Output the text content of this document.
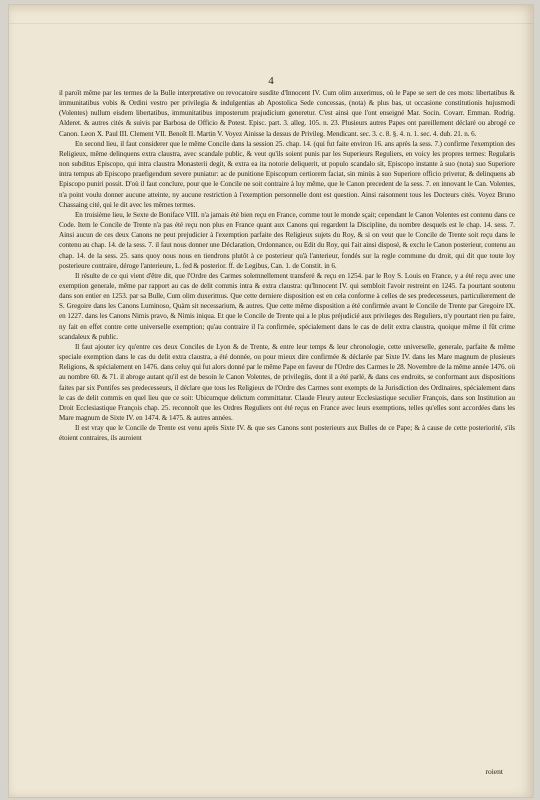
4

il paroît même par les termes de la Bulle interpretative ou revocatoire susdite d'Innocent IV. Cum olim auxerimus, où le Pape se sert de ces mots: libertatibus & immunitatibus vobis & Ordini vestro per privilegia & indulgentias ab Apostolica Sede concessas, (nota) & plus bas, ut occasione constitutionis hujusmodi (Volentes) nullum eisdem libertatibus, immunitatibus imposterum prajudicium generetur. C'est ainsi que l'ont enseigné Mar. Socin. Covarr. Emman. Rodrig. Alderet. & autres cités & suivis par Barbosa de Officio & Potest. Episc. part. 3. alleg. 105. n. 23. Plusieurs autres Papes ont pareillement déclaré ou abrogé ce Canon. Leon X. Paul III. Clement VII. Benoît II. Martin V. Voyez Ainisse la dessus de Privileg. Mendicant. sec. 3. c. 8. §. 4. n. 1. sec. 4. dub. 21. n. 6.

En second lieu, il faut considerer que le même Concile dans la session 25. chap. 14. (qui fut faite environ 16. ans après la sess. 7.) confirme l'exemption des Religieux, même delinquens extra claustra, avec scandale public, & veut qu'ils soient punis par les Superieurs Reguliers, en voicy les propres termes: Regularis non subditus Episcopo, qui intra claustra Monasterii degit, & extra ea ita notorie deliquerit, ut populo scandalo sit, Episcopo instante à suo (nota) suo Superiore intra tempus ab Episcopo praefigendum severe puniatur: ac de punitione Episcopum certiorem faciat, sin minùs à suo Superiore officio privetur, & delinquens ab Episcopo puniri possit. D'où il faut conclure, pour que le Concile ne soit contraire à luy même, que le Canon precedent de la sess. 7. en innovant le Can. Volentes, n'a point voulu donner aucune atteinte, ny aucune restriction à l'exemption personnelle dont est question. Ainsi raisonnent tous les Docteurs cités. Voyez Bruno Chassaing cité, qui le dit avec les mêmes termes.

En troisième lieu, le Sexte de Boniface VIII. n'a jamais été bien reçu en France, comme tout le monde sçait; cependant le Canon Volentes est contenu dans ce Code. Item le Concile de Trente n'a pas été reçu non plus en France quant aux Canons qui regardent la Discipline, du nombre desquels est le chap. 14. sess. 7. Ainsi aucun de ces deux Canons ne peut prejudicier à l'exemption parfaite des Religieux sujets du Roy, & si on veut que le Concile de Trente soit reçu dans le contenu au chap. 14. de la sess. 7. il faut nous donner une Déclaration, Ordonnance, ou Edit du Roy, qui l'ait ainsi disposé, & exclu le Canon posterieur, contenu au chap. 14. de la sess. 25. sans quoy nous nous en tiendrons plutôt à ce posterieur qu'à l'anterieur, fondés sur la regle commune du droit, qui dit que toute loy posterieure contraire, déroge l'anterieure, L. fed & posterior. ff. de Legibus, Can. 1. de Constit. in 6.

Il résulte de ce qui vient d'être dit, que l'Ordre des Carmes solemnellement transferé & reçu en 1254. par le Roy S. Louis en France, y a été reçu avec une exemption generale, même par rapport au cas de delit commis intra & extra claustra: qu'Innocent IV. qui sembloit l'avoir restreint en 1245. l'a pourtant soutenu dans son entier en 1253. par sa Bulle, Cum olim duxerimus. Que cette derniere disposition est en cela conforme à celles de ses predecesseurs, particulierement de S. Gregoire dans les Canons Luminoso, Quàm sit necessarium, & autres. Que cette même disposition a été confirmée avant le Concile de Trente par Gregoire IX. en 1227. dans les Canons Nimis pravo, & Nimis iniqua. Et que le Concile de Trente qui a le plus préjudicié aux privileges des Reguliers, n'y pourtant rien pu faire, ny fait en effet contre cette universelle exemption; qu'au contraire il l'a confirmée, spécialement dans le cas de delit extra claustra, quoique même il fût crime scandaleux & public.

Il faut ajouter icy qu'entre ces deux Conciles de Lyon & de Trente, & entre leur temps & leur chronologie, cette universelle, generale, parfaite & même speciale exemption dans le cas du delit extra claustra, a été donnée, ou pour mieux dire confirmée & déclarée par Sixte IV. dans les Mare magnum de plusieurs Religions, & spécialement en 1476. dans celuy qui fut alors donné par le même Pape en faveur de l'Ordre des Carmes le 28. Novembre de la même année 1476. où au nombre 60. & 71. il abroge autant qu'il est de besoin le Canon Volentes, de privilegiis, dont il a été parlé, & dans ces endroits, se conformant aux dispositions faites par six Pontifes ses predecesseurs, il déclare que tous les Religieux de l'Ordre des Carmes sont exempts de la Jurisdiction des Ordinaires, spécialement dans le cas de delit commis en quel lieu que ce soit: Ubicumque delictum committatur. Claude Fleury auteur Ecclesiastique seculier François, dans son Institution au Droit Ecclesiastique François chap. 25. reconnoît que les Ordres Reguliers ont été reçus en France avec leurs exemptions, telles qu'elles sont accordées dans les Mare magnum de Sixte IV. en 1474. & 1475. & autres années.

Il est vray que le Concile de Trente est venu après Sixte IV. & que ses Canons sont posterieurs aux Bulles de ce Pape; & à cause de cette posteriorité, s'ils étoient contraires, ils auroient

roient
